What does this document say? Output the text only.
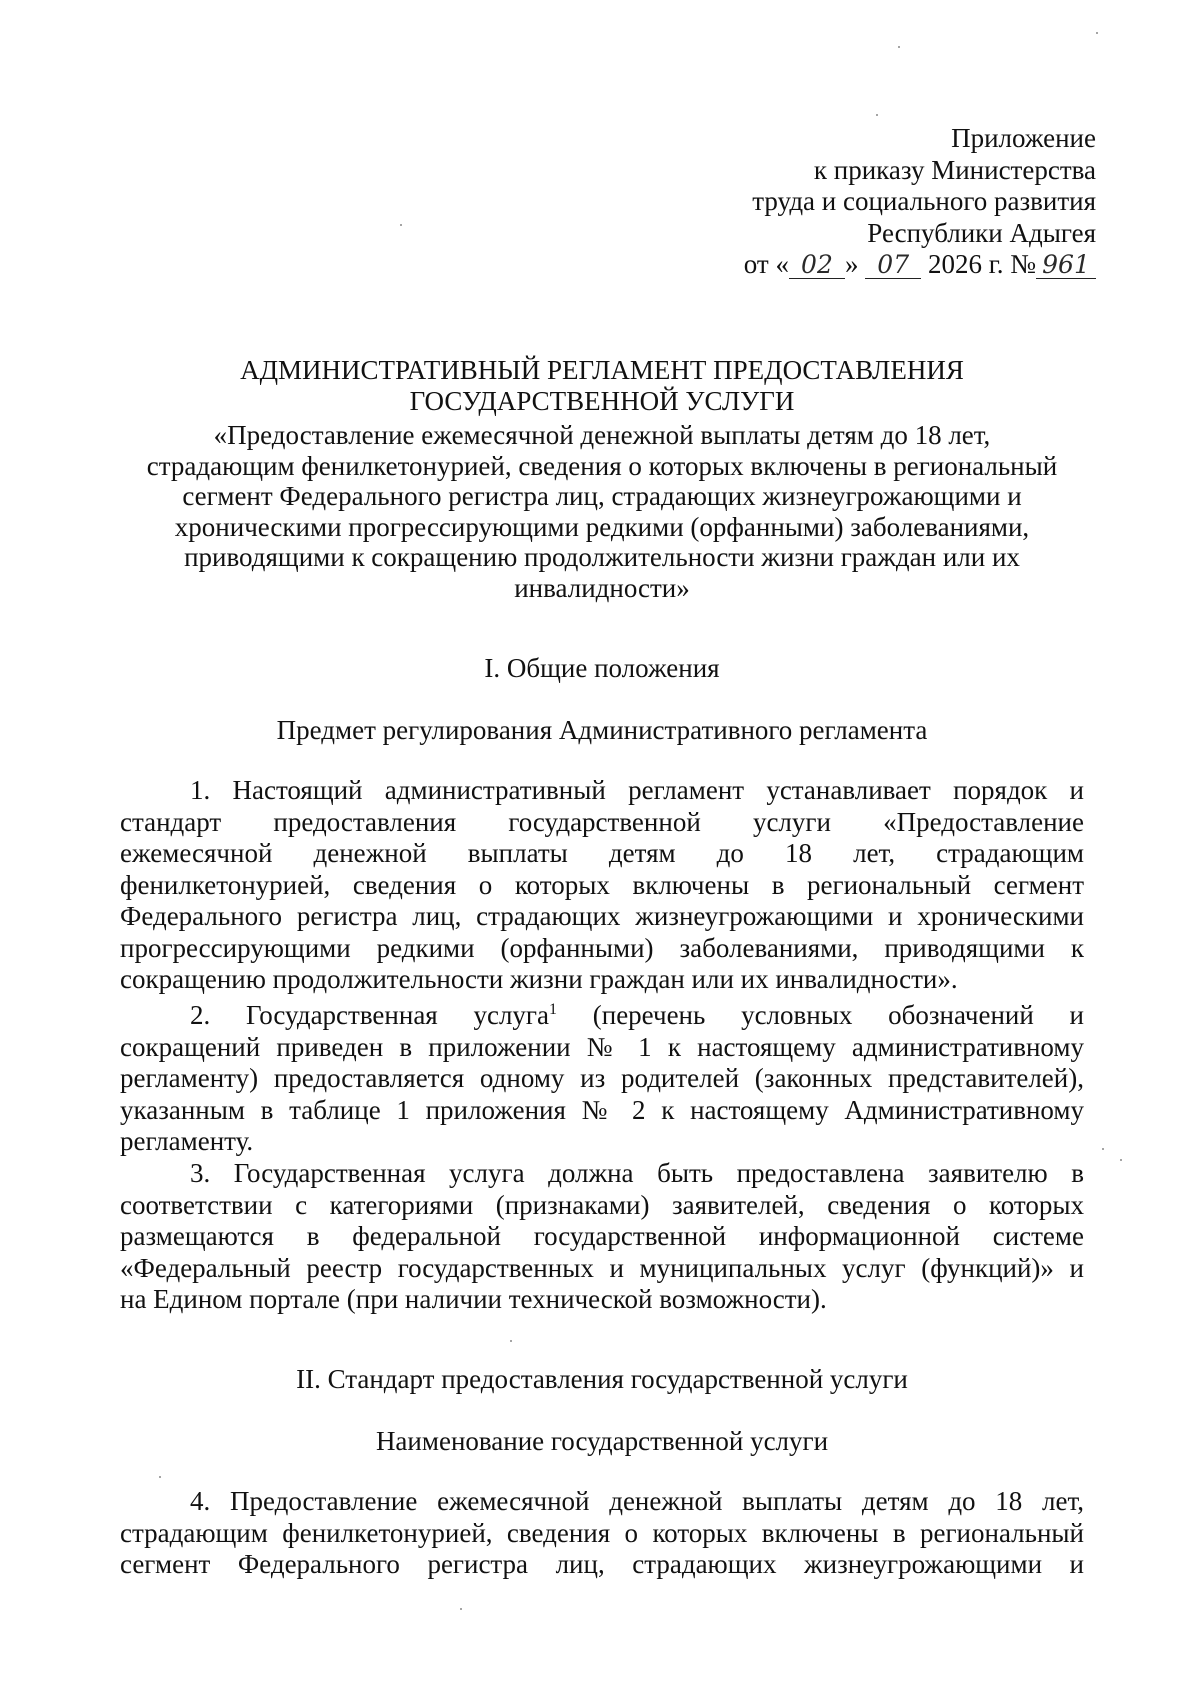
Приложение
к приказу Министерства
труда и социального развития
Республики Адыгея
от « 02 » 07 2026 г. № 961
АДМИНИСТРАТИВНЫЙ РЕГЛАМЕНТ ПРЕДОСТАВЛЕНИЯ
ГОСУДАРСТВЕННОЙ УСЛУГИ
«Предоставление ежемесячной денежной выплаты детям до 18 лет,
страдающим фенилкетонурией, сведения о которых включены в региональный
сегмент Федерального регистра лиц, страдающих жизнеугрожающими и
хроническими прогрессирующими редкими (орфанными) заболеваниями,
приводящими к сокращению продолжительности жизни граждан или их
инвалидности»
I. Общие положения
Предмет регулирования Административного регламента
1. Настоящий административный регламент устанавливает порядок и
стандарт предоставления государственной услуги «Предоставление
ежемесячной денежной выплаты детям до 18 лет, страдающим
фенилкетонурией, сведения о которых включены в региональный сегмент
Федерального регистра лиц, страдающих жизнеугрожающими и хроническими
прогрессирующими редкими (орфанными) заболеваниями, приводящими к
сокращению продолжительности жизни граждан или их инвалидности».
2. Государственная услуга$^1$ (перечень условных обозначений и
сокращений приведен в приложении № 1 к настоящему административному
регламенту) предоставляется одному из родителей (законных представителей),
указанным в таблице 1 приложения № 2 к настоящему Административному
регламенту.
3. Государственная услуга должна быть предоставлена заявителю в
соответствии с категориями (признаками) заявителей, сведения о которых
размещаются в федеральной государственной информационной системе
«Федеральный реестр государственных и муниципальных услуг (функций)» и
на Едином портале (при наличии технической возможности).
II. Стандарт предоставления государственной услуги
Наименование государственной услуги
4. Предоставление ежемесячной денежной выплаты детям до 18 лет,
страдающим фенилкетонурией, сведения о которых включены в региональный
сегмент Федерального регистра лиц, страдающих жизнеугрожающими и
